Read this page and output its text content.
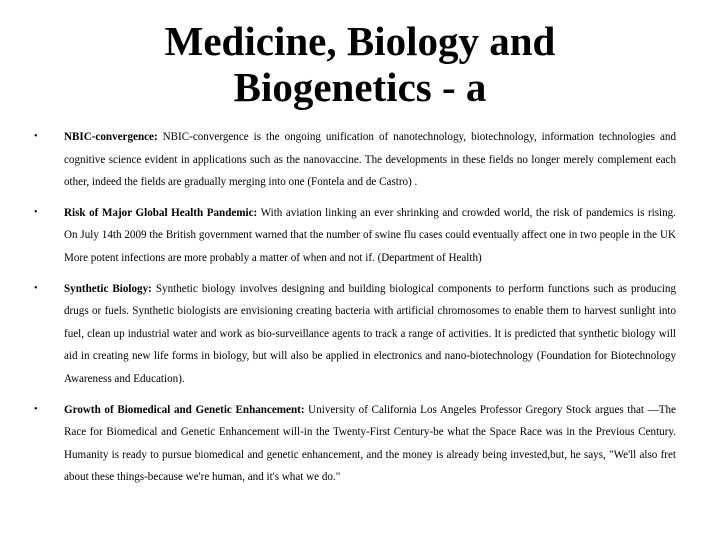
Medicine, Biology and
Biogenetics - a
• NBIC-convergence: NBIC-convergence is the ongoing unification of nanotechnology, biotechnology, information technologies and cognitive science evident in applications such as the nanovaccine. The developments in these fields no longer merely complement each other, indeed the fields are gradually merging into one (Fontela and de Castro) .
• Risk of Major Global Health Pandemic: With aviation linking an ever shrinking and crowded world, the risk of pandemics is rising. On July 14th 2009 the British government warned that the number of swine flu cases could eventually affect one in two people in the UK More potent infections are more probably a matter of when and not if. (Department of Health)
• Synthetic Biology: Synthetic biology involves designing and building biological components to perform functions such as producing drugs or fuels. Synthetic biologists are envisioning creating bacteria with artificial chromosomes to enable them to harvest sunlight into fuel, clean up industrial water and work as bio-surveillance agents to track a range of activities. It is predicted that synthetic biology will aid in creating new life forms in biology, but will also be applied in electronics and nano-biotechnology (Foundation for Biotechnology Awareness and Education).
• Growth of Biomedical and Genetic Enhancement: University of California Los Angeles Professor Gregory Stock argues that ―The Race for Biomedical and Genetic Enhancement will-in the Twenty-First Century-be what the Space Race was in the Previous Century. Humanity is ready to pursue biomedical and genetic enhancement, and the money is already being invested,but, he says, "We'll also fret about these things-because we're human, and it's what we do."
